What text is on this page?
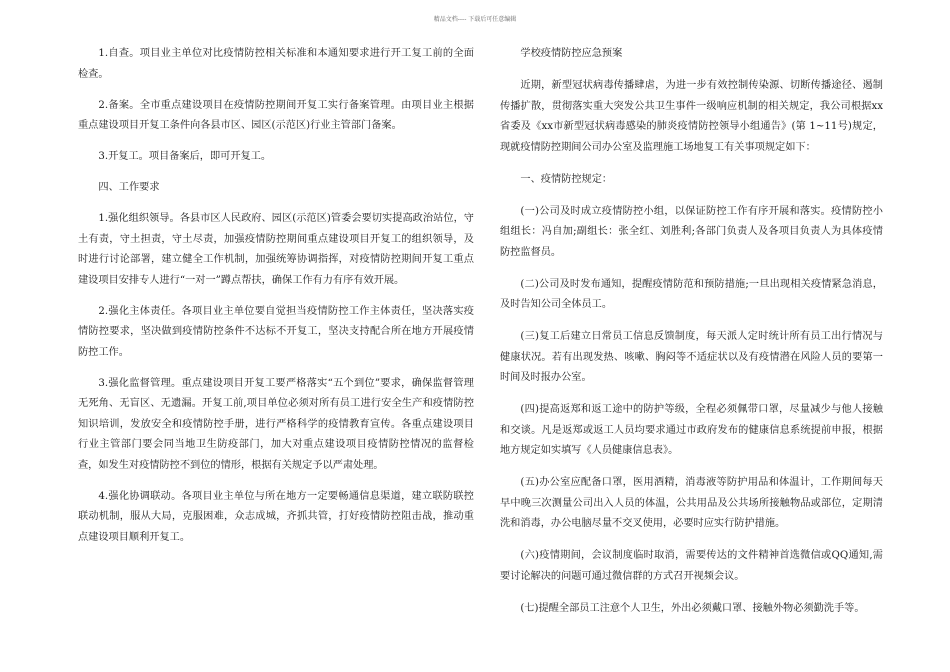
精品文档---- 下载后可任意编辑

1.自查。项目业主单位对比疫情防控相关标准和本通知要求进行开工复工前的全面检查。

2.备案。全市重点建设项目在疫情防控期间开复工实行备案管理。由项目业主根据重点建设项目开复工条件向各县市区、园区(示范区)行业主管部门备案。

3.开复工。项目备案后，即可开复工。

四、工作要求

1.强化组织领导。各县市区人民政府、园区(示范区)管委会要切实提高政治站位，守土有责，守土担责，守土尽责，加强疫情防控期间重点建设项目开复工的组织领导，及时进行讨论部署，建立健全工作机制，加强统筹协调指挥，对疫情防控期间开复工重点建设项目安排专人进行“一对一”蹲点帮扶，确保工作有力有序有效开展。

2.强化主体责任。各项目业主单位要自觉担当疫情防控工作主体责任，坚决落实疫情防控要求，坚决做到疫情防控条件不达标不开复工，坚决支持配合所在地方开展疫情防控工作。

3.强化监督管理。重点建设项目开复工要严格落实“五个到位”要求，确保监督管理无死角、无盲区、无遗漏。开复工前,项目单位必须对所有员工进行安全生产和疫情防控知识培训，发放安全和疫情防控手册，进行严格科学的疫情教育宣传。各重点建设项目行业主管部门要会同当地卫生防疫部门，加大对重点建设项目疫情防控情况的监督检查，如发生对疫情防控不到位的情形，根据有关规定予以严肃处理。

4.强化协调联动。各项目业主单位与所在地方一定要畅通信息渠道，建立联防联控联动机制，服从大局，克服困难，众志成城，齐抓共管，打好疫情防控阻击战，推动重点建设项目顺利开复工。

学校疫情防控应急预案

近期，新型冠状病毒传播肆虐，为进一步有效控制传染源、切断传播途径、遏制传播扩散，贯彻落实重大突发公共卫生事件一级响应机制的相关规定，我公司根据xx省委及《xx市新型冠状病毒感染的肺炎疫情防控领导小组通告》(第 1~11号)规定，现就疫情防控期间公司办公室及监理施工场地复工有关事项规定如下：

一、疫情防控规定：

(一)公司及时成立疫情防控小组，以保证防控工作有序开展和落实。疫情防控小组组长：冯自加;副组长：张全红、刘胜利;各部门负责人及各项目负责人为具体疫情防控监督员。

(二)公司及时发布通知，提醒疫情防范和预防措施;一旦出现相关疫情紧急消息，及时告知公司全体员工。

(三)复工后建立日常员工信息反馈制度，每天派人定时统计所有员工出行情况与健康状况。若有出现发热、咳嗽、胸闷等不适症状以及有疫情潜在风险人员的要第一时间及时报办公室。

(四)提高返郑和返工途中的防护等级，全程必须佩带口罩，尽量减少与他人接触和交谈。凡是返郑或返工人员均要求通过市政府发布的健康信息系统提前申报，根据地方规定如实填写《人员健康信息表》。

(五)办公室应配备口罩，医用酒精，消毒液等防护用品和体温计，工作期间每天早中晚三次测量公司出入人员的体温，公共用品及公共场所接触物品或部位，定期清洗和消毒，办公电脑尽量不交叉使用，必要时应实行防护措施。

(六)疫情期间，会议制度临时取消，需要传达的文件精神首选微信或QQ通知,需要讨论解决的问题可通过微信群的方式召开视频会议。

(七)提醒全部员工注意个人卫生，外出必须戴口罩、接触外物必须勤洗手等。
